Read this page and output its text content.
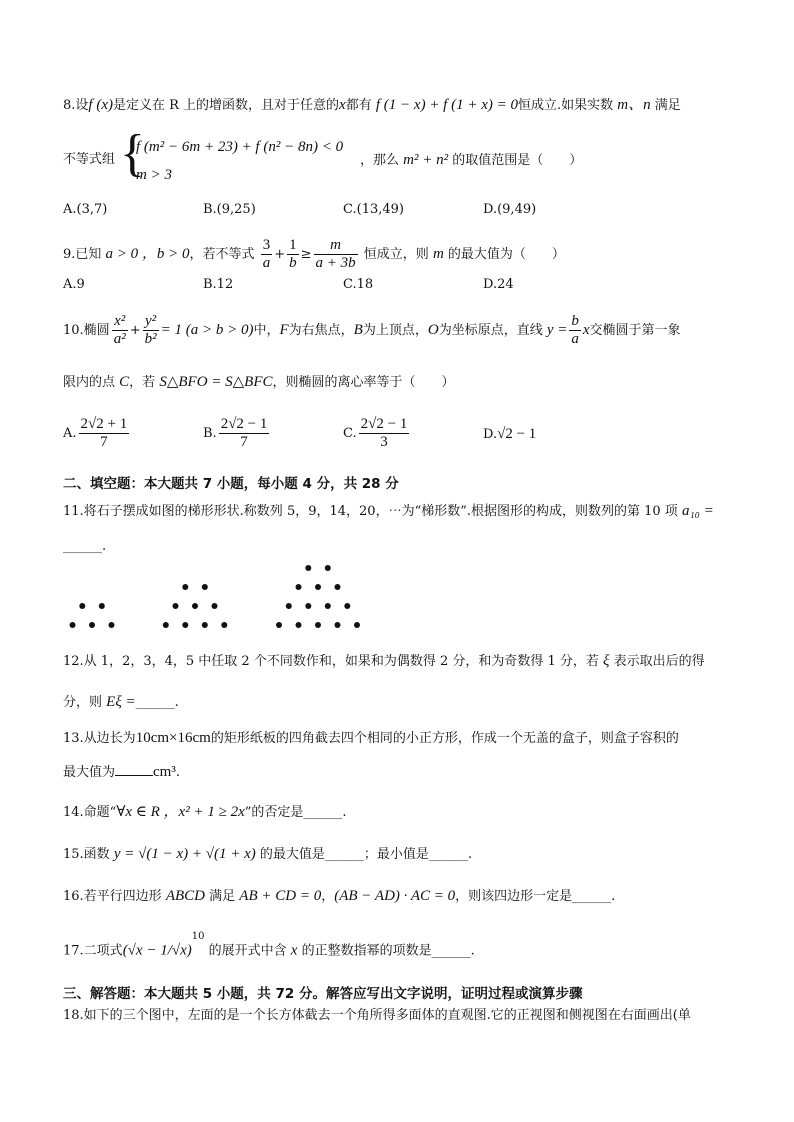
8.设f (x)是定义在 R 上的增函数，且对于任意的x都有 f (1 − x) + f (1 + x) = 0恒成立.如果实数 m、n 满足
不等式组 {
f (m² − 6m + 23) + f (n² − 8n) < 0
m > 3
，那么 m² + n² 的取值范围是（　　）
A.(3,7)	B.(9,25)	C.(13,49)	D.(9,49)
9.已知 a > 0 ，b > 0，若不等式 $\frac{3}{a} + \frac{1}{b} \ge \frac{m}{a + 3b}$ 恒成立，则 m 的最大值为（　　）
A.9	B.12	C.18	D.24
10.椭圆 $\frac{\text{x²}}{\text{a²}} + \frac{\text{y²}}{\text{b²}} = 1$ (a > b > 0)中，F为右焦点，B为上顶点，O为坐标原点，直线 $y = \frac{b}{a}$ x交椭圆于第一象
限内的点 C，若 S△BFO = S△BFC，则椭圆的离心率等于（　　）
A. $\frac{2√2 + 1}{7}$	B. $\frac{2√2 - 1}{7}$	C. $\frac{2√2 - 1}{3}$	D.√2 − 1
二、填空题：本大题共 7 小题，每小题 4 分，共 28 分
11.将石子摆成如图的梯形形状.称数列 5，9，14，20，⋯为“梯形数”.根据图形的构成，则数列的第 10 项 a₁₀ =
______.
12.从 1，2，3，4，5 中任取 2 个不同数作和，如果和为偶数得 2 分，和为奇数得 1 分，若 ξ 表示取出后的得
分，则 Eξ =______.
13.从边长为10cm×16cm的矩形纸板的四角截去四个相同的小正方形，作成一个无盖的盒子，则盒子容积的
最大值为	cm³.
14.命题“∀x ∈ R ，x² + 1 ≥ 2x”的否定是______.
15.函数 y = √(1 − x) + √(1 + x) 的最大值是______；最小值是______.
16.若平行四边形 ABCD 满足 AB + CD = 0，(AB − AD) · AC = 0，则该四边形一定是______.
17.二项式$(√x - 1/√x)^{10}$ 的展开式中含 x 的正整数指幂的项数是______.
三、解答题：本大题共 5 小题，共 72 分。解答应写出文字说明，证明过程或演算步骤
18.如下的三个图中，左面的是一个长方体截去一个角所得多面体的直观图.它的正视图和侧视图在右面画出(单
